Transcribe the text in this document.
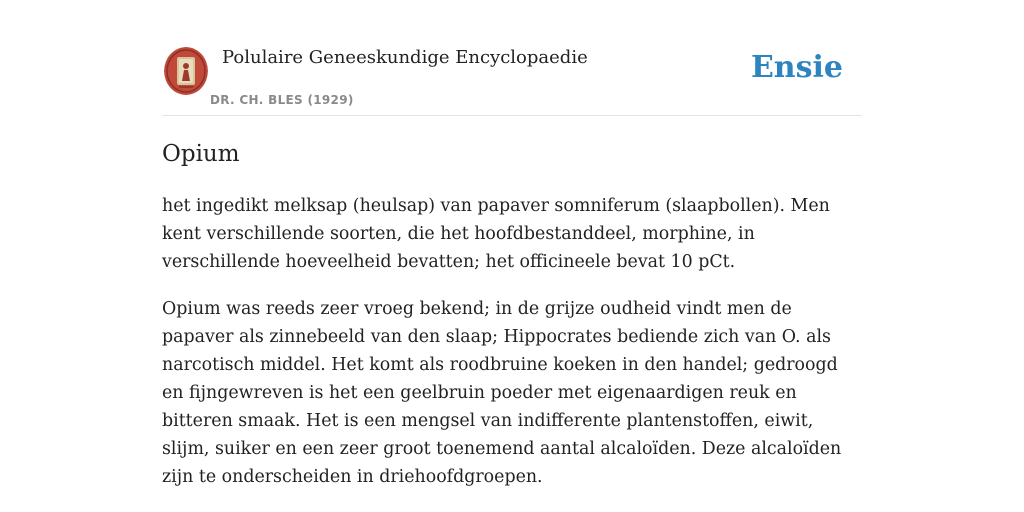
Polulaire Geneeskundige Encyclopaedie
DR. CH. BLES (1929)
Ensie
Opium

het ingedikt melksap (heulsap) van papaver somniferum (slaapbollen). Men kent verschillende soorten, die het hoofdbestanddeel, morphine, in verschillende hoeveelheid bevatten; het officineele bevat 10 pCt.

Opium was reeds zeer vroeg bekend; in de grijze oudheid vindt men de papaver als zinnebeeld van den slaap; Hippocrates bediende zich van O. als narcotisch middel. Het komt als roodbruine koeken in den handel; gedroogd en fijngewreven is het een geelbruin poeder met eigenaardigen reuk en bitteren smaak. Het is een mengsel van indifferente plantenstoffen, eiwit, slijm, suiker en een zeer groot toenemend aantal alcaloïden. Deze alcaloïden zijn te onderscheiden in driehoofdgroepen.
